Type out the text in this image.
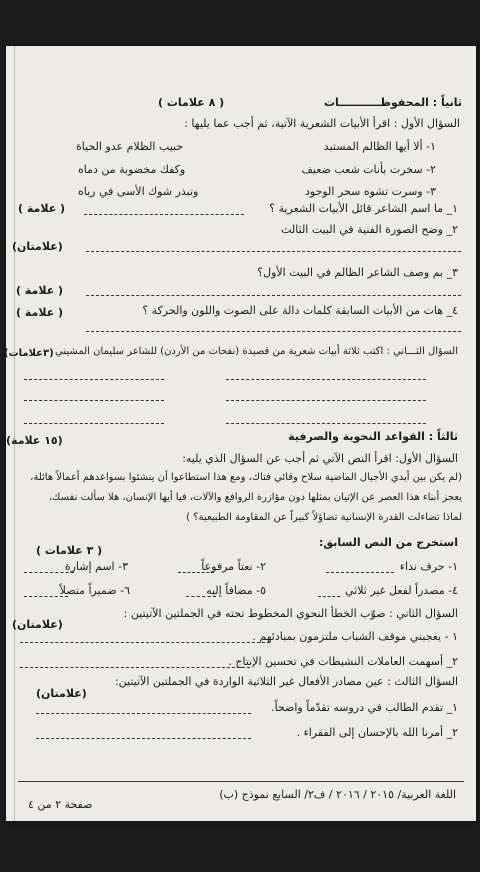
ثانياً : المحفوظـــــــــــات
( ٨ علامات )
السؤال الأول : اقرأ الأبيات الشعرية الآتية، ثم أجب عما يليها :
١- ألا أيها الظالم المستبد
حبيب الظلام عدو الحياة
٢- سخرت بأنات شعب ضعيف
وكفك مخضوبة من دماه
٣- وسرت تشوه سحر الوجود
وتبذر شوك الأسى في رباه
١_ ما اسم الشاعر قائل الأبيات الشعرية ؟
( علامة )
٢_ وضح الصورة الفنية في البيت الثالث
(علامتان)
٣_ بم وصف الشاعر الظالم في البيت الأول؟
( علامة )
٤_ هات من الأبيات السابقة كلمات دالة على الصوت واللون والحركة ؟
( علامة )
السؤال الثـــاني : اكتب ثلاثة أبيات شعرية من قصيدة (نفحات من الأردن) للشاعر سليمان المشيني
(٣علامات)
ثالثاً : القواعد النحوية والصرفية
(١٥ علامة)
السؤال الأول: اقرأ النص الآتي ثم أجب عن السؤال الذي يليه:
(لم يكن بين أيدي الأجيال الماضية سلاح وقائي فتاك، ومع هذا استطاعوا أن ينشئوا بسواعدهم أعمالاً هائلة،
يعجز أبناء هذا العصر عن الإتيان بمثلها دون مؤازرة الروافع والآلات، فيا أيها الإنسان، هلا سألت نفسك،
لماذا تضاءلت القدرة الإنسانية تضاؤلاً كبيراً عن المقاومة الطبيعية؟ )
استخرج من النص السابق:
( ٣ علامات )
١- حرف نداء
٢- نعتاً مرفوعاً
٣- اسم إشارة
٤- مصدراً لفعل غير ثلاثي
٥- مضافاً إليه
٦- ضميراً متصلاً
السؤال الثاني : صوّب الخطأ النحوي المخطوط تحته في الجملتين الآتيتين :
(علامتان)
١ - يعجبني موقف الشباب ملتزمون بمبادئهم .
٢_ أسهمت العاملات النشيطات في تحسين الإنتاج .
السؤال الثالث : عين مصادر الأفعال غير الثلاثية الواردة في الجملتين الآتيتين:
(علامتان)
١_ تقدم الطالب في دروسه تقدّماً واضحاً.
٢_ أمرنا الله بالإحسان إلى الفقراء .
اللغة العربية/ ٢٠١٥ / ٢٠١٦ / ف٢/ السابع نموذج (ب)
صفحة ٢ من ٤
